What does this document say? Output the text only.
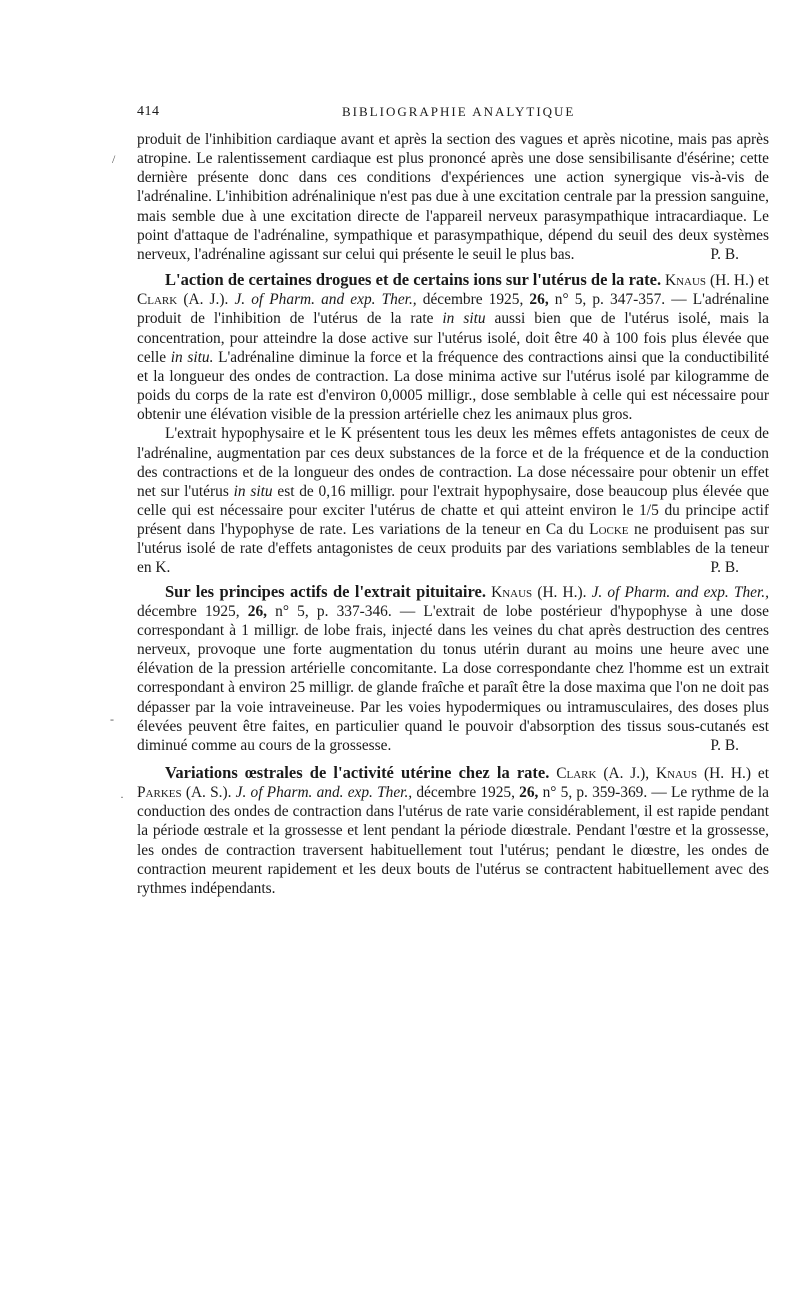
/
-
·
414	BIBLIOGRAPHIE ANALYTIQUE

produit de l'inhibition cardiaque avant et après la section des vagues et après nicotine, mais pas après atropine. Le ralentissement cardiaque est plus prononcé après une dose sensibilisante d'ésérine; cette dernière présente donc dans ces conditions d'expériences une action synergique vis-à-vis de l'adrénaline. L'inhibition adrénalinique n'est pas due à une excitation centrale par la pression sanguine, mais semble due à une excitation directe de l'appareil nerveux parasympathique intracardiaque. Le point d'attaque de l'adrénaline, sympathique et parasympathique, dépend du seuil des deux systèmes nerveux, l'adrénaline agissant sur celui qui présente le seuil le plus bas.	P. B.

L'action de certaines drogues et de certains ions sur l'utérus de la rate. Knaus (H. H.) et Clark (A. J.). J. of Pharm. and exp. Ther., décembre 1925, 26, n° 5, p. 347-357. — L'adrénaline produit de l'inhibition de l'utérus de la rate in situ aussi bien que de l'utérus isolé, mais la concentration, pour atteindre la dose active sur l'utérus isolé, doit être 40 à 100 fois plus élevée que celle in situ. L'adrénaline diminue la force et la fréquence des contractions ainsi que la conductibilité et la longueur des ondes de contraction. La dose minima active sur l'utérus isolé par kilogramme de poids du corps de la rate est d'environ 0,0005 milligr., dose semblable à celle qui est nécessaire pour obtenir une élévation visible de la pression artérielle chez les animaux plus gros.

L'extrait hypophysaire et le K présentent tous les deux les mêmes effets antagonistes de ceux de l'adrénaline, augmentation par ces deux substances de la force et de la fréquence et de la conduction des contractions et de la longueur des ondes de contraction. La dose nécessaire pour obtenir un effet net sur l'utérus in situ est de 0,16 milligr. pour l'extrait hypophysaire, dose beaucoup plus élevée que celle qui est nécessaire pour exciter l'utérus de chatte et qui atteint environ le 1/5 du principe actif présent dans l'hypophyse de rate. Les variations de la teneur en Ca du Locke ne produisent pas sur l'utérus isolé de rate d'effets antagonistes de ceux produits par des variations semblables de la teneur en K.	P. B.

Sur les principes actifs de l'extrait pituitaire. Knaus (H. H.). J. of Pharm. and exp. Ther., décembre 1925, 26, n° 5, p. 337-346. — L'extrait de lobe postérieur d'hypophyse à une dose correspondant à 1 milligr. de lobe frais, injecté dans les veines du chat après destruction des centres nerveux, provoque une forte augmentation du tonus utérin durant au moins une heure avec une élévation de la pression artérielle concomitante. La dose correspondante chez l'homme est un extrait correspondant à environ 25 milligr. de glande fraîche et paraît être la dose maxima que l'on ne doit pas dépasser par la voie intraveineuse. Par les voies hypodermiques ou intramusculaires, des doses plus élevées peuvent être faites, en particulier quand le pouvoir d'absorption des tissus sous-cutanés est diminué comme au cours de la grossesse.	P. B.

Variations œstrales de l'activité utérine chez la rate. Clark (A. J.), Knaus (H. H.) et Parkes (A. S.). J. of Pharm. and. exp. Ther., décembre 1925, 26, n° 5, p. 359-369. — Le rythme de la conduction des ondes de contraction dans l'utérus de rate varie considérablement, il est rapide pendant la période œstrale et la grossesse et lent pendant la période diœstrale. Pendant l'œstre et la grossesse, les ondes de contraction traversent habituellement tout l'utérus; pendant le diœstre, les ondes de contraction meurent rapidement et les deux bouts de l'utérus se contractent habituellement avec des rythmes indépendants.
